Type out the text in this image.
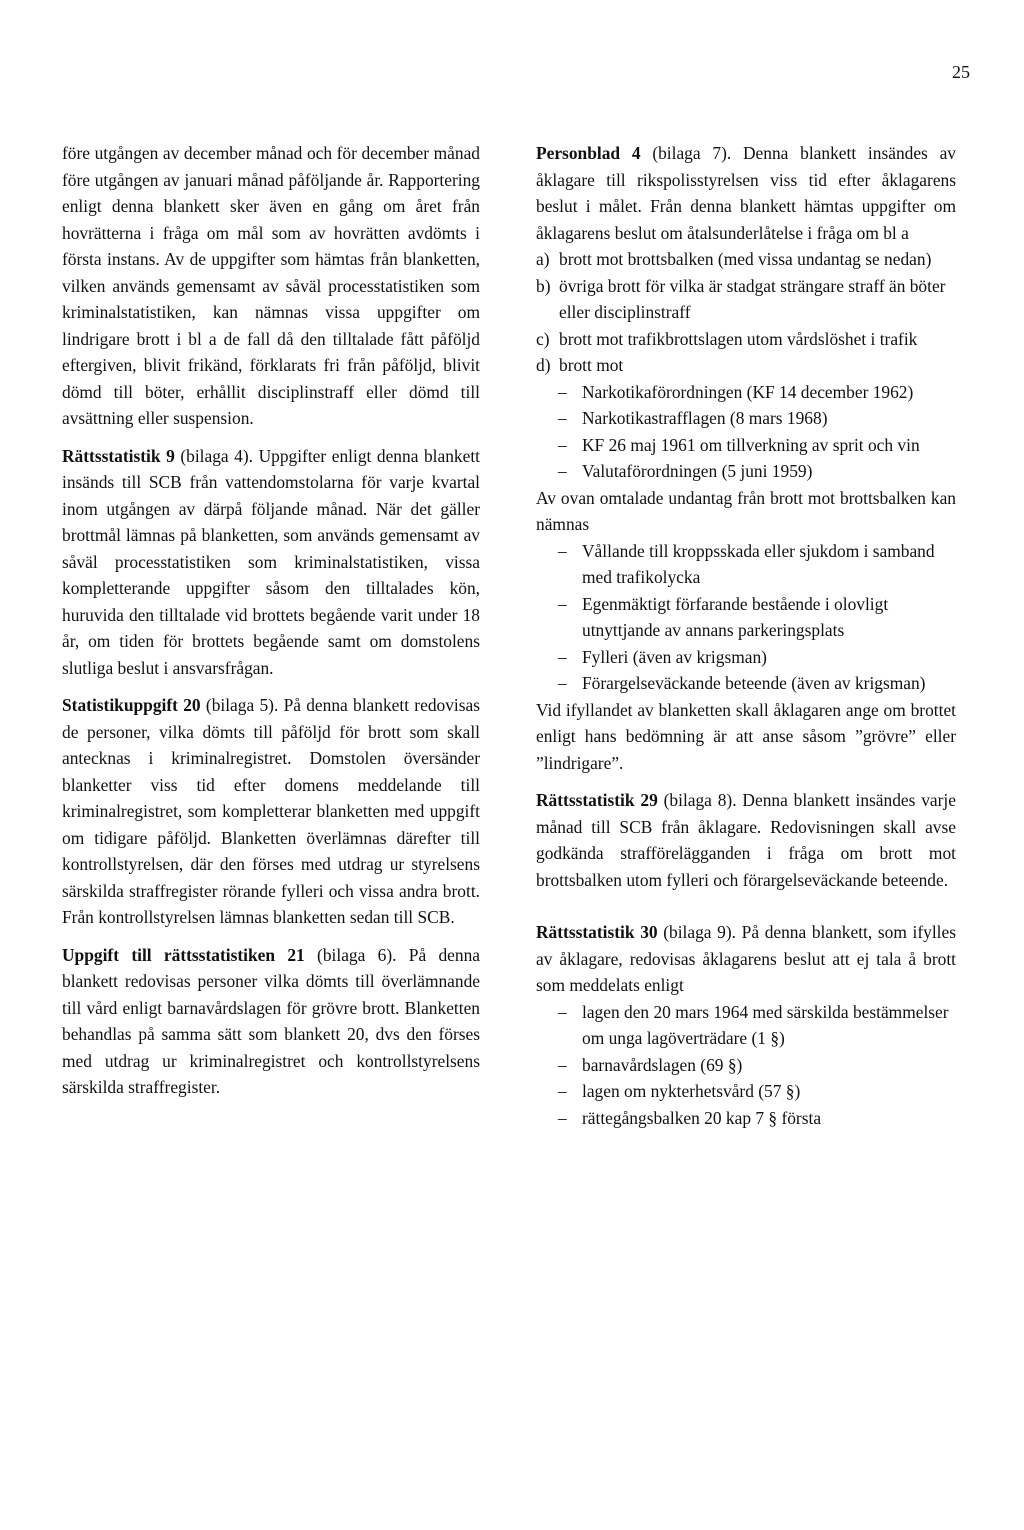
25

före utgången av december månad och för december månad före utgången av januari månad påföljande år. Rapportering enligt denna blankett sker även en gång om året från hovrätterna i fråga om mål som av hovrätten avdömts i första instans. Av de uppgifter som hämtas från blanketten, vilken används gemensamt av såväl processtatistiken som kriminalstatistiken, kan nämnas vissa uppgifter om lindrigare brott i bl a de fall då den tilltalade fått påföljd eftergiven, blivit frikänd, förklarats fri från påföljd, blivit dömd till böter, erhållit disciplinstraff eller dömd till avsättning eller suspension.

Rättsstatistik 9 (bilaga 4). Uppgifter enligt denna blankett insänds till SCB från vattendomstolarna för varje kvartal inom utgången av därpå följande månad. När det gäller brottmål lämnas på blanketten, som används gemensamt av såväl processtatistiken som kriminalstatistiken, vissa kompletterande uppgifter såsom den tilltalades kön, huruvida den tilltalade vid brottets begående varit under 18 år, om tiden för brottets begående samt om domstolens slutliga beslut i ansvarsfrågan.

Statistikuppgift 20 (bilaga 5). På denna blankett redovisas de personer, vilka dömts till påföljd för brott som skall antecknas i kriminalregistret. Domstolen översänder blanketter viss tid efter domens meddelande till kriminalregistret, som kompletterar blanketten med uppgift om tidigare påföljd. Blanketten överlämnas därefter till kontrollstyrelsen, där den förses med utdrag ur styrelsens särskilda straffregister rörande fylleri och vissa andra brott. Från kontrollstyrelsen lämnas blanketten sedan till SCB.

Uppgift till rättsstatistiken 21 (bilaga 6). På denna blankett redovisas personer vilka dömts till överlämnande till vård enligt barnavårdslagen för grövre brott. Blanketten behandlas på samma sätt som blankett 20, dvs den förses med utdrag ur kriminalregistret och kontrollstyrelsens särskilda straffregister.

Personblad 4 (bilaga 7). Denna blankett insändes av åklagare till rikspolisstyrelsen viss tid efter åklagarens beslut i målet. Från denna blankett hämtas uppgifter om åklagarens beslut om åtalsunderlåtelse i fråga om bl a

a) brott mot brottsbalken (med vissa undantag se nedan)

b) övriga brott för vilka är stadgat strängare straff än böter eller disciplinstraff

c) brott mot trafikbrottslagen utom vårdslöshet i trafik

d) brott mot

– Narkotikaförordningen (KF 14 december 1962)

– Narkotikastrafflagen (8 mars 1968)

– KF 26 maj 1961 om tillverkning av sprit och vin

– Valutaförordningen (5 juni 1959)

Av ovan omtalade undantag från brott mot brottsbalken kan nämnas

– Vållande till kroppsskada eller sjukdom i samband med trafikolycka

– Egenmäktigt förfarande bestående i olovligt utnyttjande av annans parkeringsplats

– Fylleri (även av krigsman)

– Förargelseväckande beteende (även av krigsman)

Vid ifyllandet av blanketten skall åklagaren ange om brottet enligt hans bedömning är att anse såsom ”grövre” eller ”lindrigare”.

Rättsstatistik 29 (bilaga 8). Denna blankett insändes varje månad till SCB från åklagare. Redovisningen skall avse godkända strafförelägganden i fråga om brott mot brottsbalken utom fylleri och förargelseväckande beteende.

Rättsstatistik 30 (bilaga 9). På denna blankett, som ifylles av åklagare, redovisas åklagarens beslut att ej tala å brott som meddelats enligt

– lagen den 20 mars 1964 med särskilda bestämmelser om unga lagöverträdare (1 §)

– barnavårdslagen (69 §)

– lagen om nykterhetsvård (57 §)

– rättegångsbalken 20 kap 7 § första
